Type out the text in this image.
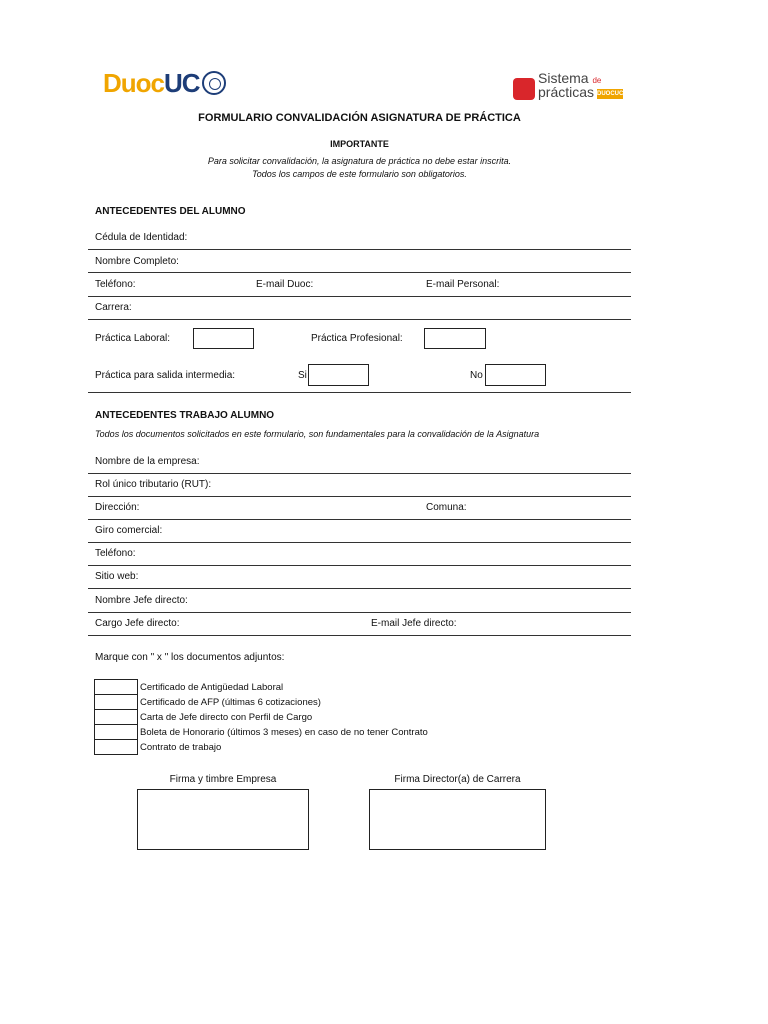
DuocUC	Sistema de
prácticas DUOCUC
FORMULARIO CONVALIDACIÓN ASIGNATURA DE PRÁCTICA
IMPORTANTE
Para solicitar convalidación, la asignatura de práctica no debe estar inscrita.
Todos los campos de este formulario son obligatorios.
ANTECEDENTES DEL ALUMNO
Cédula de Identidad:
Nombre Completo:
Teléfono:	E-mail Duoc:	E-mail Personal:
Carrera:
Práctica Laboral:	Práctica Profesional:
Práctica para salida intermedia:	Si	No
ANTECEDENTES TRABAJO ALUMNO
Todos los documentos solicitados en este formulario, son fundamentales para la convalidación de la Asignatura
Nombre de la empresa:
Rol único tributario (RUT):
Dirección:	Comuna:
Giro comercial:
Teléfono:
Sitio web:
Nombre Jefe directo:
Cargo Jefe directo:	E-mail Jefe directo:
Marque con " x " los documentos adjuntos:
Certificado de Antigüedad Laboral
Certificado de AFP (últimas 6 cotizaciones)
Carta de Jefe directo con Perfil de Cargo
Boleta de Honorario (últimos 3 meses) en caso de no tener Contrato
Contrato de trabajo
Firma y timbre Empresa	Firma Director(a) de Carrera
